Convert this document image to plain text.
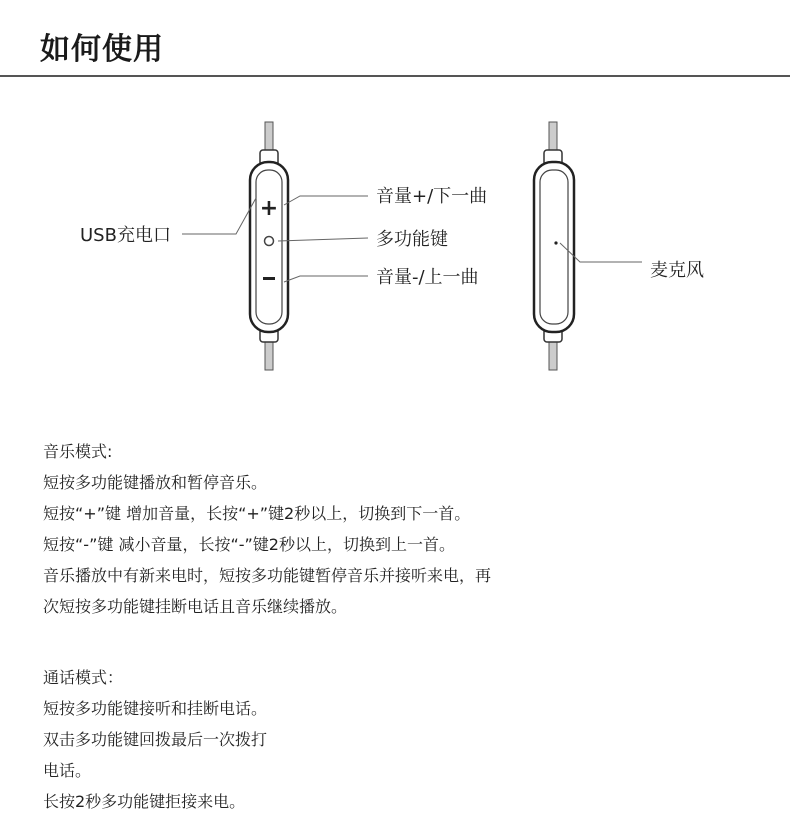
如何使用
+
USB充电口
音量+/下一曲
多功能键
音量-/上一曲	麦克风
音乐模式:
短按多功能键播放和暂停音乐。
短按“+”键 增加音量，长按“+”键2秒以上，切换到下一首。
短按“-”键 减小音量，长按“-”键2秒以上，切换到上一首。
音乐播放中有新来电时，短按多功能键暂停音乐并接听来电，再
次短按多功能键挂断电话且音乐继续播放。
通话模式：
短按多功能键接听和挂断电话。
双击多功能键回拨最后一次拨打
电话。
长按2秒多功能键拒接来电。
